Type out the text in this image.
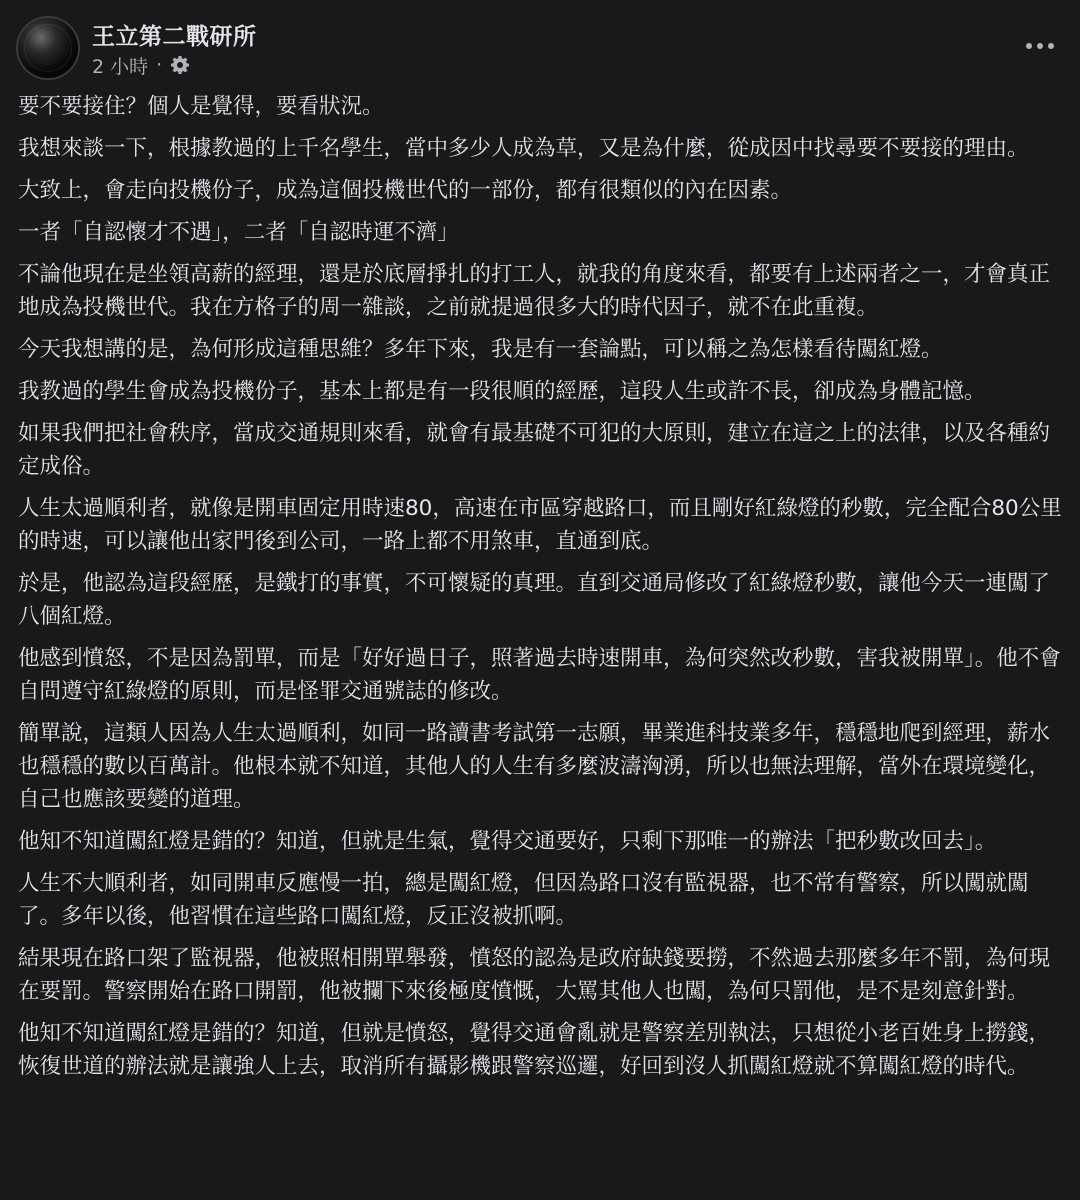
王立第二戰研所
2 小時 ·

要不要接住？個人是覺得，要看狀況。

我想來談一下，根據教過的上千名學生，當中多少人成為草，又是為什麼，從成因中找尋要不要接的理由。

大致上，會走向投機份子，成為這個投機世代的一部份，都有很類似的內在因素。

一者「自認懷才不遇」，二者「自認時運不濟」

不論他現在是坐領高薪的經理，還是於底層掙扎的打工人，就我的角度來看，都要有上述兩者之一，才會真正地成為投機世代。我在方格子的周一雜談，之前就提過很多大的時代因子，就不在此重複。

今天我想講的是，為何形成這種思維？多年下來，我是有一套論點，可以稱之為怎樣看待闖紅燈。

我教過的學生會成為投機份子，基本上都是有一段很順的經歷，這段人生或許不長，卻成為身體記憶。

如果我們把社會秩序，當成交通規則來看，就會有最基礎不可犯的大原則，建立在這之上的法律，以及各種約定成俗。

人生太過順利者，就像是開車固定用時速80，高速在市區穿越路口，而且剛好紅綠燈的秒數，完全配合80公里的時速，可以讓他出家門後到公司，一路上都不用煞車，直通到底。

於是，他認為這段經歷，是鐵打的事實，不可懷疑的真理。直到交通局修改了紅綠燈秒數，讓他今天一連闖了八個紅燈。

他感到憤怒，不是因為罰單，而是「好好過日子，照著過去時速開車，為何突然改秒數，害我被開單」。他不會自問遵守紅綠燈的原則，而是怪罪交通號誌的修改。

簡單說，這類人因為人生太過順利，如同一路讀書考試第一志願，畢業進科技業多年，穩穩地爬到經理，薪水也穩穩的數以百萬計。他根本就不知道，其他人的人生有多麼波濤洶湧，所以也無法理解，當外在環境變化，自己也應該要變的道理。

他知不知道闖紅燈是錯的？知道，但就是生氣，覺得交通要好，只剩下那唯一的辦法「把秒數改回去」。

人生不大順利者，如同開車反應慢一拍，總是闖紅燈，但因為路口沒有監視器，也不常有警察，所以闖就闖了。多年以後，他習慣在這些路口闖紅燈，反正沒被抓啊。

結果現在路口架了監視器，他被照相開單舉發，憤怒的認為是政府缺錢要撈，不然過去那麼多年不罰，為何現在要罰。警察開始在路口開罰，他被攔下來後極度憤慨，大罵其他人也闖，為何只罰他，是不是刻意針對。

他知不知道闖紅燈是錯的？知道，但就是憤怒，覺得交通會亂就是警察差別執法，只想從小老百姓身上撈錢，恢復世道的辦法就是讓強人上去，取消所有攝影機跟警察巡邏，好回到沒人抓闖紅燈就不算闖紅燈的時代。
